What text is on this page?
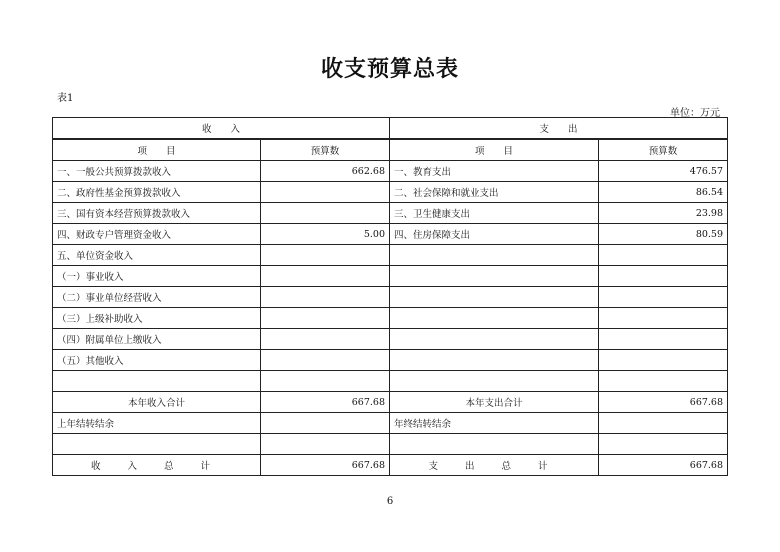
收支预算总表
表1
单位：万元
收　　入		支　　出	
项　　目	预算数	项　　目	预算数
一、一般公共预算拨款收入	662.68	一、教育支出	476.57
二、政府性基金预算拨款收入		二、社会保障和就业支出	86.54
三、国有资本经营预算拨款收入		三、卫生健康支出	23.98
四、财政专户管理资金收入	5.00	四、住房保障支出	80.59
五、单位资金收入			
（一）事业收入			
（二）事业单位经营收入			
（三）上级补助收入			
（四）附属单位上缴收入			
（五）其他收入			

本年收入合计	667.68	本年支出合计	667.68
上年结转结余		年终结转结余	

收 入 总 计	667.68	支 出 总 计	667.68
6
